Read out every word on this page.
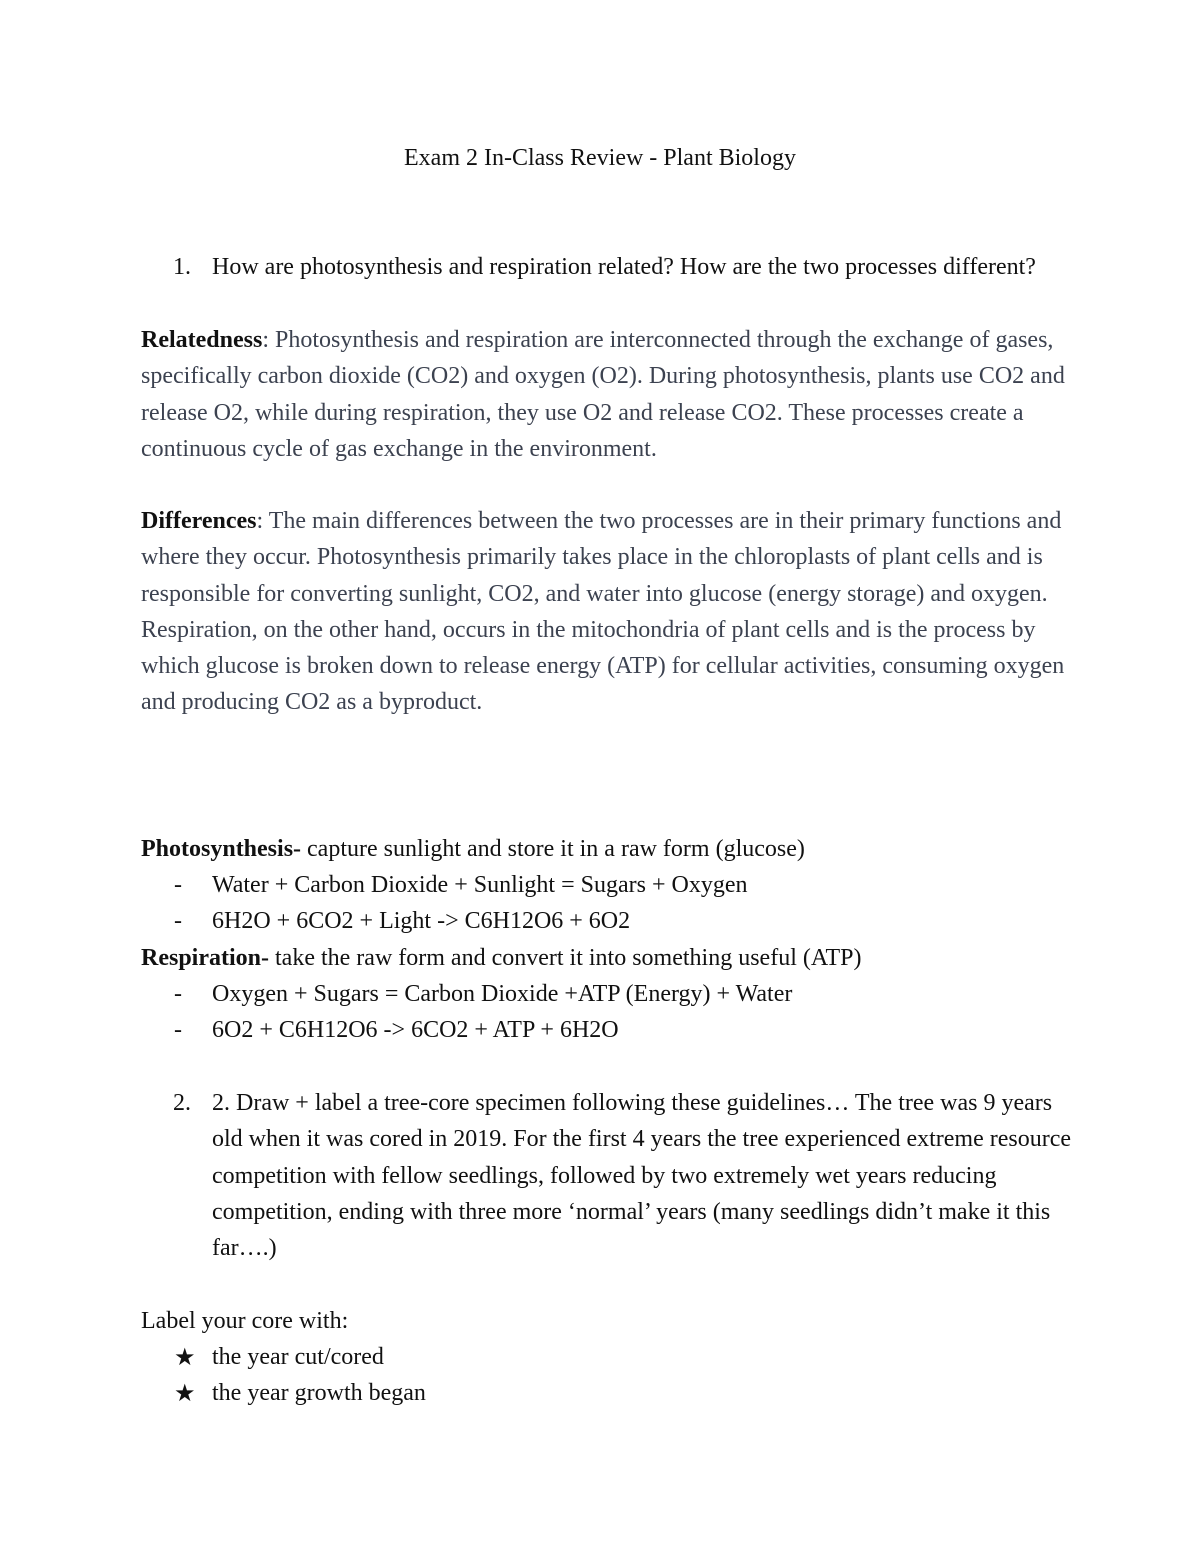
Exam 2 In-Class Review - Plant Biology
1. How are photosynthesis and respiration related? How are the two processes different?
Relatedness: Photosynthesis and respiration are interconnected through the exchange of gases, specifically carbon dioxide (CO2) and oxygen (O2). During photosynthesis, plants use CO2 and release O2, while during respiration, they use O2 and release CO2. These processes create a continuous cycle of gas exchange in the environment.
Differences: The main differences between the two processes are in their primary functions and where they occur. Photosynthesis primarily takes place in the chloroplasts of plant cells and is responsible for converting sunlight, CO2, and water into glucose (energy storage) and oxygen. Respiration, on the other hand, occurs in the mitochondria of plant cells and is the process by which glucose is broken down to release energy (ATP) for cellular activities, consuming oxygen and producing CO2 as a byproduct.
Photosynthesis- capture sunlight and store it in a raw form (glucose)
- Water + Carbon Dioxide + Sunlight = Sugars + Oxygen
- 6H2O + 6CO2 + Light -> C6H12O6 + 6O2
Respiration- take the raw form and convert it into something useful (ATP)
- Oxygen + Sugars = Carbon Dioxide +ATP (Energy) + Water
- 6O2 + C6H12O6 -> 6CO2 + ATP + 6H2O
2. 2. Draw + label a tree-core specimen following these guidelines… The tree was 9 years old when it was cored in 2019. For the first 4 years the tree experienced extreme resource competition with fellow seedlings, followed by two extremely wet years reducing competition, ending with three more ‘normal’ years (many seedlings didn’t make it this far….)
Label your core with:
★ the year cut/cored
★ the year growth began
